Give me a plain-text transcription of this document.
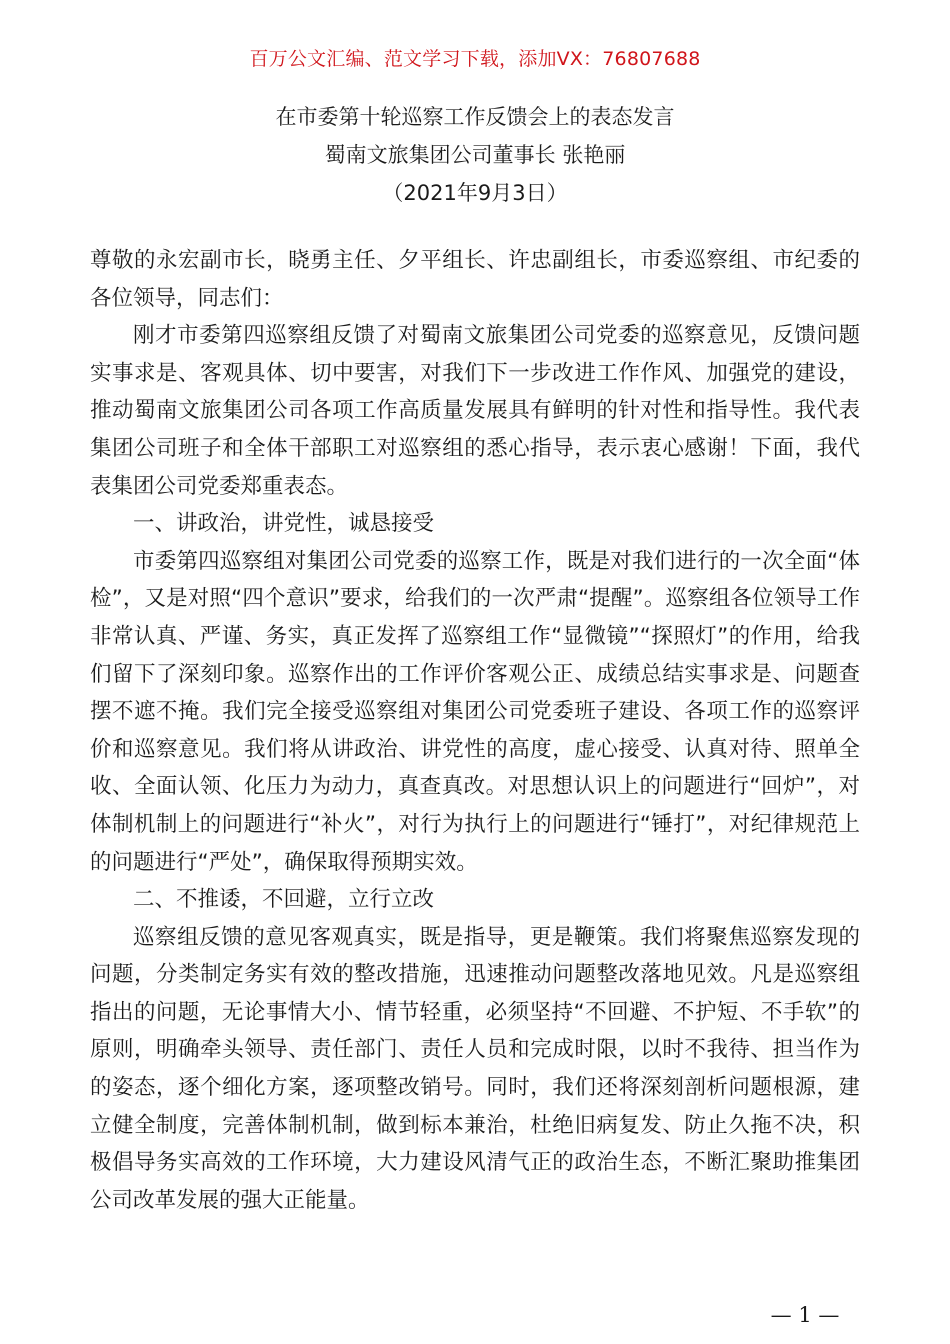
百万公文汇编、范文学习下载，添加VX：76807688
在市委第十轮巡察工作反馈会上的表态发言
蜀南文旅集团公司董事长 张艳丽
（2021年9月3日）

尊敬的永宏副市长，晓勇主任、夕平组长、许忠副组长，市委巡察组、市纪委的各位领导，同志们：

刚才市委第四巡察组反馈了对蜀南文旅集团公司党委的巡察意见，反馈问题实事求是、客观具体、切中要害，对我们下一步改进工作作风、加强党的建设，推动蜀南文旅集团公司各项工作高质量发展具有鲜明的针对性和指导性。我代表集团公司班子和全体干部职工对巡察组的悉心指导，表示衷心感谢！下面，我代表集团公司党委郑重表态。

一、讲政治，讲党性，诚恳接受

市委第四巡察组对集团公司党委的巡察工作，既是对我们进行的一次全面“体检”，又是对照“四个意识”要求，给我们的一次严肃“提醒”。巡察组各位领导工作非常认真、严谨、务实，真正发挥了巡察组工作“显微镜”“探照灯”的作用，给我们留下了深刻印象。巡察作出的工作评价客观公正、成绩总结实事求是、问题查摆不遮不掩。我们完全接受巡察组对集团公司党委班子建设、各项工作的巡察评价和巡察意见。我们将从讲政治、讲党性的高度，虚心接受、认真对待、照单全收、全面认领、化压力为动力，真查真改。对思想认识上的问题进行“回炉”，对体制机制上的问题进行“补火”，对行为执行上的问题进行“锤打”，对纪律规范上的问题进行“严处”，确保取得预期实效。

二、不推诿，不回避，立行立改

巡察组反馈的意见客观真实，既是指导，更是鞭策。我们将聚焦巡察发现的问题，分类制定务实有效的整改措施，迅速推动问题整改落地见效。凡是巡察组指出的问题，无论事情大小、情节轻重，必须坚持“不回避、不护短、不手软”的原则，明确牵头领导、责任部门、责任人员和完成时限，以时不我待、担当作为的姿态，逐个细化方案，逐项整改销号。同时，我们还将深刻剖析问题根源，建立健全制度，完善体制机制，做到标本兼治，杜绝旧病复发、防止久拖不决，积极倡导务实高效的工作环境，大力建设风清气正的政治生态，不断汇聚助推集团公司改革发展的强大正能量。

— 1 —
